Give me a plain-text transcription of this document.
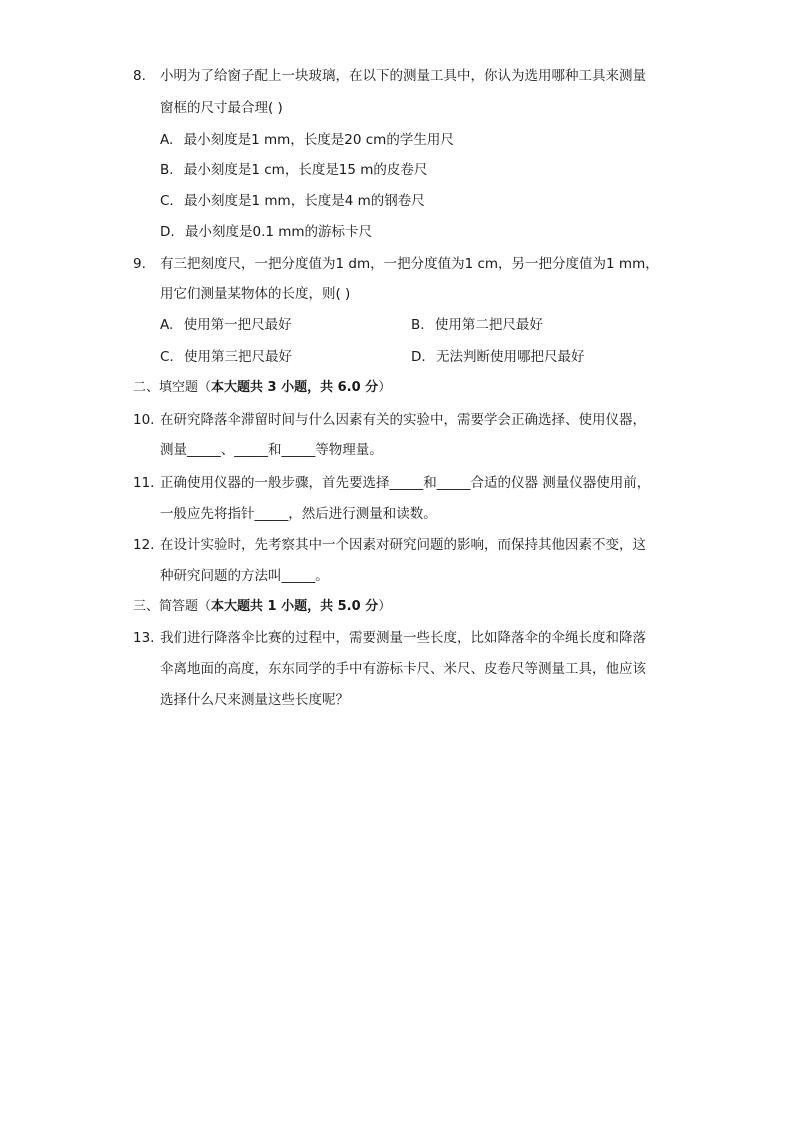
8. 小明为了给窗子配上一块玻璃，在以下的测量工具中，你认为选用哪种工具来测量
窗框的尺寸最合理( )
A. 最小刻度是1 mm，长度是20 cm的学生用尺
B. 最小刻度是1 cm，长度是15 m的皮卷尺
C. 最小刻度是1 mm，长度是4 m的钢卷尺
D. 最小刻度是0.1 mm的游标卡尺
9. 有三把刻度尺，一把分度值为1 dm，一把分度值为1 cm，另一把分度值为1 mm，
用它们测量某物体的长度，则( )
A. 使用第一把尺最好	B. 使用第二把尺最好
C. 使用第三把尺最好	D. 无法判断使用哪把尺最好
二、填空题（本大题共 3 小题，共 6.0 分）
10. 在研究降落伞滞留时间与什么因素有关的实验中，需要学会正确选择、使用仪器，
测量_____、_____和_____等物理量。
11. 正确使用仪器的一般步骤，首先要选择_____和_____合适的仪器 测量仪器使用前，
一般应先将指针_____，然后进行测量和读数。
12. 在设计实验时，先考察其中一个因素对研究问题的影响，而保持其他因素不变，这
种研究问题的方法叫_____。
三、简答题（本大题共 1 小题，共 5.0 分）
13. 我们进行降落伞比赛的过程中，需要测量一些长度，比如降落伞的伞绳长度和降落
伞离地面的高度，东东同学的手中有游标卡尺、米尺、皮卷尺等测量工具，他应该
选择什么尺来测量这些长度呢？
